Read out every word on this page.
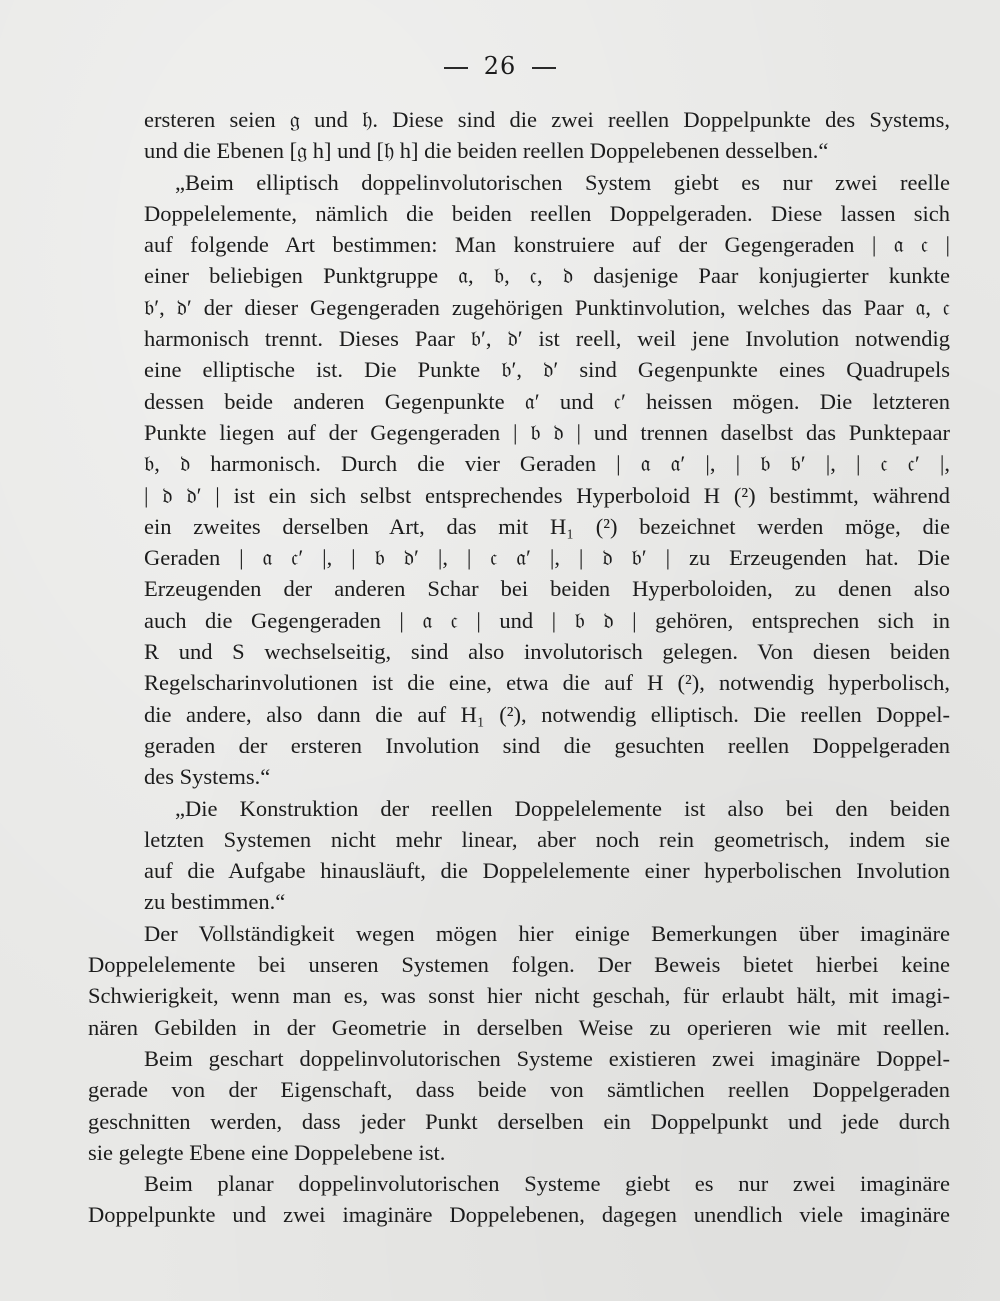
26
ersteren seien 𝔤 und 𝔥. Diese sind die zwei reellen Doppelpunkte des Systems,
und die Ebenen [𝔤 h] und [𝔥 h] die beiden reellen Doppelebenen desselben.“
„Beim elliptisch doppelinvolutorischen System giebt es nur zwei reelle
Doppelelemente, nämlich die beiden reellen Doppelgeraden. Diese lassen sich
auf folgende Art bestimmen: Man konstruiere auf der Gegengeraden | 𝔞 𝔠 |
einer beliebigen Punktgruppe 𝔞, 𝔟, 𝔠, 𝔡 dasjenige Paar konjugierter kunkte
𝔟′, 𝔡′ der dieser Gegengeraden zugehörigen Punktinvolution, welches das Paar 𝔞, 𝔠
harmonisch trennt. Dieses Paar 𝔟′, 𝔡′ ist reell, weil jene Involution notwendig
eine elliptische ist. Die Punkte 𝔟′, 𝔡′ sind Gegenpunkte eines Quadrupels
dessen beide anderen Gegenpunkte 𝔞′ und 𝔠′ heissen mögen. Die letzteren
Punkte liegen auf der Gegengeraden | 𝔟 𝔡 | und trennen daselbst das Punktepaar
𝔟, 𝔡 harmonisch. Durch die vier Geraden | 𝔞 𝔞′ |, | 𝔟 𝔟′ |, | 𝔠 𝔠′ |,
| 𝔡 𝔡′ | ist ein sich selbst entsprechendes Hyperboloid H (²) bestimmt, während
ein zweites derselben Art, das mit H₁ (²) bezeichnet werden möge, die
Geraden | 𝔞 𝔠′ |, | 𝔟 𝔡′ |, | 𝔠 𝔞′ |, | 𝔡 𝔟′ | zu Erzeugenden hat. Die
Erzeugenden der anderen Schar bei beiden Hyperboloiden, zu denen also
auch die Gegengeraden | 𝔞 𝔠 | und | 𝔟 𝔡 | gehören, entsprechen sich in
R und S wechselseitig, sind also involutorisch gelegen. Von diesen beiden
Regelscharinvolutionen ist die eine, etwa die auf H (²), notwendig hyperbolisch,
die andere, also dann die auf H₁ (²), notwendig elliptisch. Die reellen Doppel-
geraden der ersteren Involution sind die gesuchten reellen Doppelgeraden
des Systems.“
„Die Konstruktion der reellen Doppelelemente ist also bei den beiden
letzten Systemen nicht mehr linear, aber noch rein geometrisch, indem sie
auf die Aufgabe hinausläuft, die Doppelelemente einer hyperbolischen Involution
zu bestimmen.“
Der Vollständigkeit wegen mögen hier einige Bemerkungen über imaginäre
Doppelelemente bei unseren Systemen folgen. Der Beweis bietet hierbei keine
Schwierigkeit, wenn man es, was sonst hier nicht geschah, für erlaubt hält, mit imagi-
nären Gebilden in der Geometrie in derselben Weise zu operieren wie mit reellen.
Beim geschart doppelinvolutorischen Systeme existieren zwei imaginäre Doppel-
gerade von der Eigenschaft, dass beide von sämtlichen reellen Doppelgeraden
geschnitten werden, dass jeder Punkt derselben ein Doppelpunkt und jede durch
sie gelegte Ebene eine Doppelebene ist.
Beim planar doppelinvolutorischen Systeme giebt es nur zwei imaginäre
Doppelpunkte und zwei imaginäre Doppelebenen, dagegen unendlich viele imaginäre
